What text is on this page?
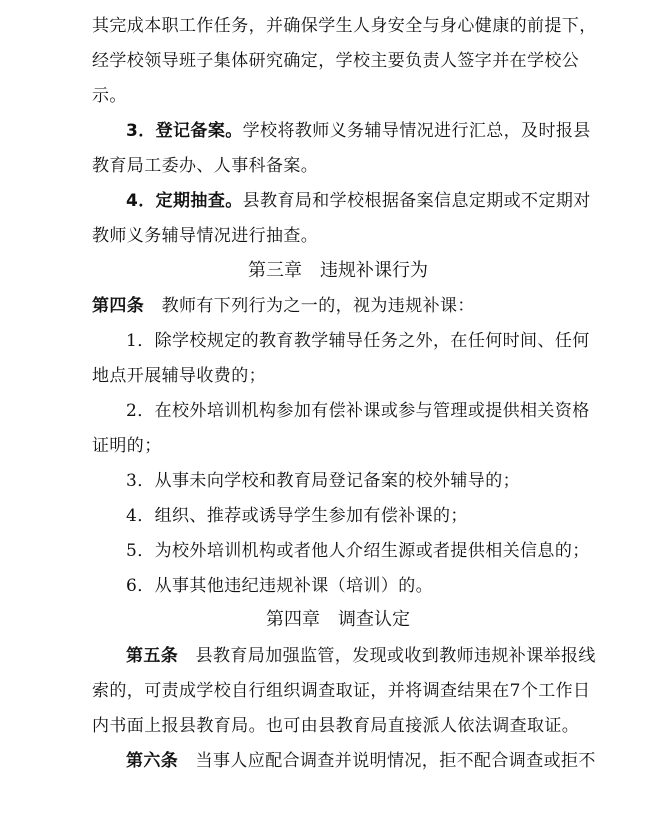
其完成本职工作任务，并确保学生人身安全与身心健康的前提下，
经学校领导班子集体研究确定，学校主要负责人签字并在学校公
示。
3．登记备案。学校将教师义务辅导情况进行汇总，及时报县
教育局工委办、人事科备案。
4．定期抽查。县教育局和学校根据备案信息定期或不定期对
教师义务辅导情况进行抽查。
第三章　违规补课行为
第四条　教师有下列行为之一的，视为违规补课：
1．除学校规定的教育教学辅导任务之外，在任何时间、任何
地点开展辅导收费的；
2．在校外培训机构参加有偿补课或参与管理或提供相关资格
证明的；
3．从事未向学校和教育局登记备案的校外辅导的；
4．组织、推荐或诱导学生参加有偿补课的；
5．为校外培训机构或者他人介绍生源或者提供相关信息的；
6．从事其他违纪违规补课（培训）的。
第四章　调查认定
第五条　县教育局加强监管，发现或收到教师违规补课举报线
索的，可责成学校自行组织调查取证，并将调查结果在7个工作日
内书面上报县教育局。也可由县教育局直接派人依法调查取证。
第六条　当事人应配合调查并说明情况，拒不配合调查或拒不
